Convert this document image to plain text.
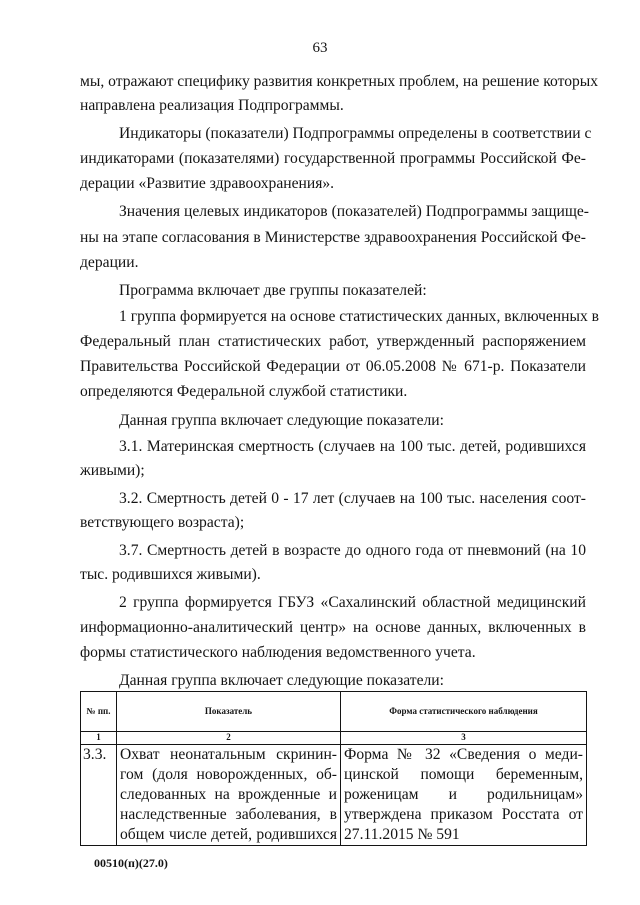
63
мы, отражают специфику развития конкретных проблем, на решение которых
направлена реализация Подпрограммы.
Индикаторы (показатели) Подпрограммы определены в соответствии с
индикаторами (показателями) государственной программы Российской Фе-
дерации «Развитие здравоохранения».
Значения целевых индикаторов (показателей) Подпрограммы защище-
ны на этапе согласования в Министерстве здравоохранения Российской Фе-
дерации.
Программа включает две группы показателей:
1 группа формируется на основе статистических данных, включенных в
Федеральный план статистических работ, утвержденный распоряжением
Правительства Российской Федерации от 06.05.2008 № 671-р. Показатели
определяются Федеральной службой статистики.
Данная группа включает следующие показатели:
3.1. Материнская смертность (случаев на 100 тыс. детей, родившихся
живыми);
3.2. Смертность детей 0 - 17 лет (случаев на 100 тыс. населения соот-
ветствующего возраста);
3.7. Смертность детей в возрасте до одного года от пневмоний (на 10
тыс. родившихся живыми).
2 группа формируется ГБУЗ «Сахалинский областной медицинский
информационно-аналитический центр» на основе данных, включенных в
формы статистического наблюдения ведомственного учета.
Данная группа включает следующие показатели:
№ пп.	Показатель	Форма статистического наблюдения
1	2	3
3.3.	Охват неонатальным скринин-
гом (доля новорожденных, об-
следованных на врожденные и
наследственные заболевания, в
общем числе детей, родившихся	Форма № 32 «Сведения о меди-
цинской помощи беременным,
роженицам и родильницам»
утверждена приказом Росстата от
27.11.2015 № 591
00510(п)(27.0)
